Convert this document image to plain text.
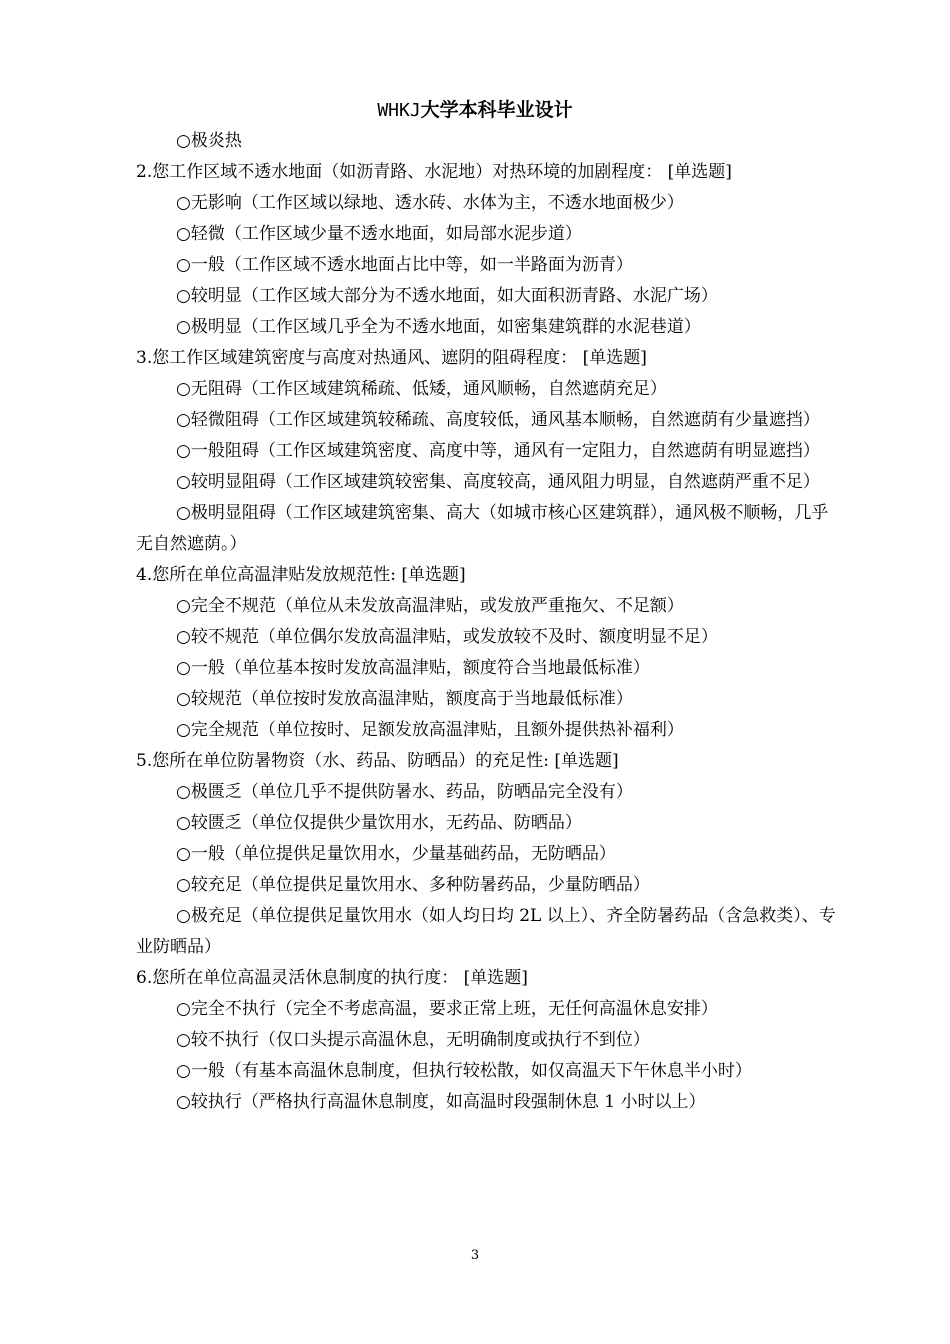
WHKJ大学本科毕业设计

○极炎热

2.您工作区域不透水地面（如沥青路、水泥地）对热环境的加剧程度： [单选题]

○无影响（工作区域以绿地、透水砖、水体为主，不透水地面极少）

○轻微（工作区域少量不透水地面，如局部水泥步道）

○一般（工作区域不透水地面占比中等，如一半路面为沥青）

○较明显（工作区域大部分为不透水地面，如大面积沥青路、水泥广场）

○极明显（工作区域几乎全为不透水地面，如密集建筑群的水泥巷道）

3.您工作区域建筑密度与高度对热通风、遮阴的阻碍程度： [单选题]

○无阻碍（工作区域建筑稀疏、低矮，通风顺畅，自然遮荫充足）

○轻微阻碍（工作区域建筑较稀疏、高度较低，通风基本顺畅，自然遮荫有少量遮挡）

○一般阻碍（工作区域建筑密度、高度中等，通风有一定阻力，自然遮荫有明显遮挡）

○较明显阻碍（工作区域建筑较密集、高度较高，通风阻力明显，自然遮荫严重不足）

○极明显阻碍（工作区域建筑密集、高大（如城市核心区建筑群），通风极不顺畅，几乎无自然遮荫。）

4.您所在单位高温津贴发放规范性: [单选题]

○完全不规范（单位从未发放高温津贴，或发放严重拖欠、不足额）

○较不规范（单位偶尔发放高温津贴，或发放较不及时、额度明显不足）

○一般（单位基本按时发放高温津贴，额度符合当地最低标准）

○较规范（单位按时发放高温津贴，额度高于当地最低标准）

○完全规范（单位按时、足额发放高温津贴，且额外提供热补福利）

5.您所在单位防暑物资（水、药品、防晒品）的充足性: [单选题]

○极匮乏（单位几乎不提供防暑水、药品，防晒品完全没有）

○较匮乏（单位仅提供少量饮用水，无药品、防晒品）

○一般（单位提供足量饮用水，少量基础药品，无防晒品）

○较充足（单位提供足量饮用水、多种防暑药品，少量防晒品）

○极充足（单位提供足量饮用水（如人均日均 2L 以上）、齐全防暑药品（含急救类）、专业防晒品）

6.您所在单位高温灵活休息制度的执行度： [单选题]

○完全不执行（完全不考虑高温，要求正常上班，无任何高温休息安排）

○较不执行（仅口头提示高温休息，无明确制度或执行不到位）

○一般（有基本高温休息制度，但执行较松散，如仅高温天下午休息半小时）

○较执行（严格执行高温休息制度，如高温时段强制休息 1 小时以上）

3
